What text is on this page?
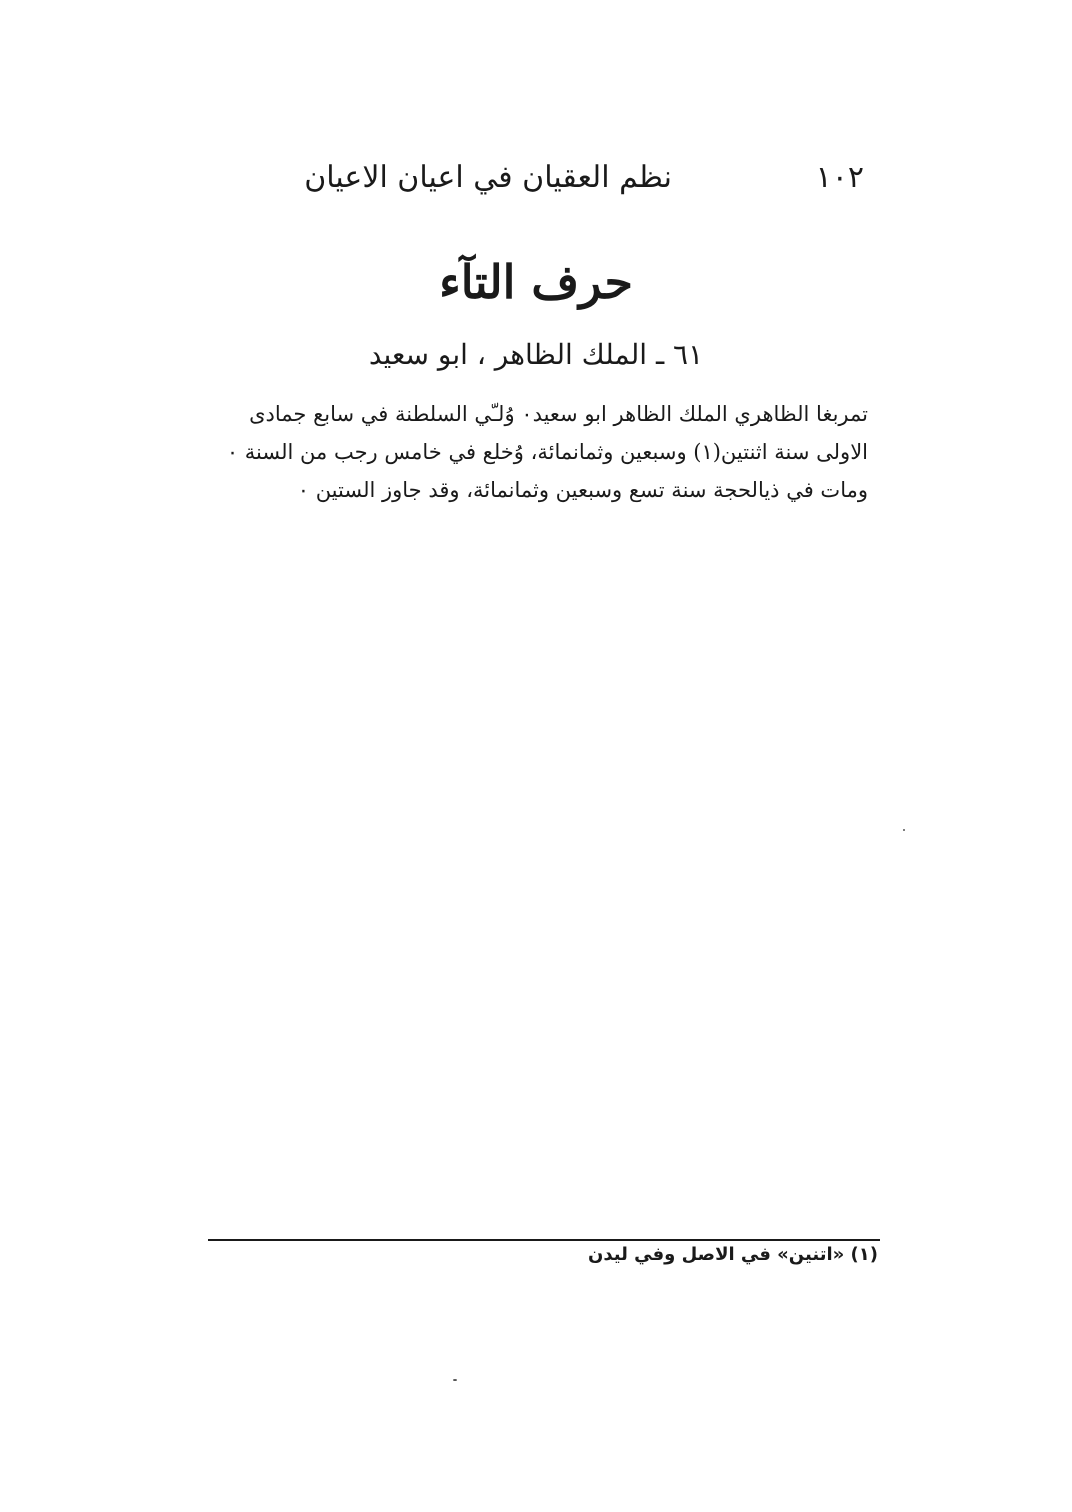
١٠٢
نظم العقيان في اعيان الاعيان
حرف التآء
٦١ ـ الملك الظاهر ، ابو سعيد
تمربغا الظاهري الملك الظاهر ابو سعيد٠ وُلـّي السلطنة في سابع جمادى
الاولى سنة اثنتين(١) وسبعين وثمانمائة، وُخلع في خامس رجب من السنة ٠
ومات في ذيالحجة سنة تسع وسبعين وثمانمائة، وقد جاوز الستين ٠
(١) «اتنين» في الاصل وفي ليدن
